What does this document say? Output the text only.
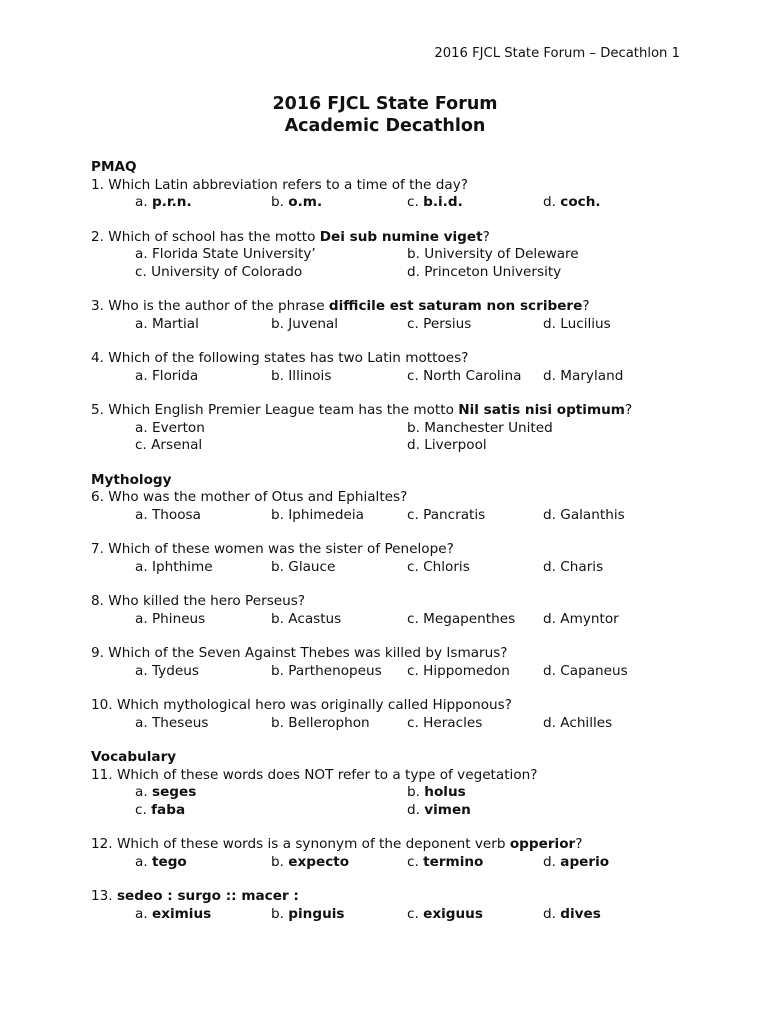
2016 FJCL State Forum – Decathlon 1
2016 FJCL State Forum
Academic Decathlon
PMAQ
1. Which Latin abbreviation refers to a time of the day?
a. p.r.n.	b. o.m.	c. b.i.d.	d. coch.
2. Which of school has the motto Dei sub numine viget?
a. Florida State University’	b. University of Deleware
c. University of Colorado	d. Princeton University
3. Who is the author of the phrase difficile est saturam non scribere?
a. Martial	b. Juvenal	c. Persius	d. Lucilius
4. Which of the following states has two Latin mottoes?
a. Florida	b. Illinois	c. North Carolina d. Maryland
5. Which English Premier League team has the motto Nil satis nisi optimum?
a. Everton	b. Manchester United
c. Arsenal	d. Liverpool
Mythology
6. Who was the mother of Otus and Ephialtes?
a. Thoosa	b. Iphimedeia	c. Pancratis	d. Galanthis
7. Which of these women was the sister of Penelope?
a. Iphthime	b. Glauce	c. Chloris	d. Charis
8. Who killed the hero Perseus?
a. Phineus	b. Acastus	c. Megapenthes d. Amyntor
9. Which of the Seven Against Thebes was killed by Ismarus?
a. Tydeus	b. Parthenopeus c. Hippomedon d. Capaneus
10. Which mythological hero was originally called Hipponous?
a. Theseus	b. Bellerophon	c. Heracles	d. Achilles
Vocabulary
11. Which of these words does NOT refer to a type of vegetation?
a. seges	b. holus
c. faba	d. vimen
12. Which of these words is a synonym of the deponent verb opperior?
a. tego	b. expecto	c. termino	d. aperio
13. sedeo : surgo :: macer :
a. eximius	b. pinguis	c. exiguus	d. dives
